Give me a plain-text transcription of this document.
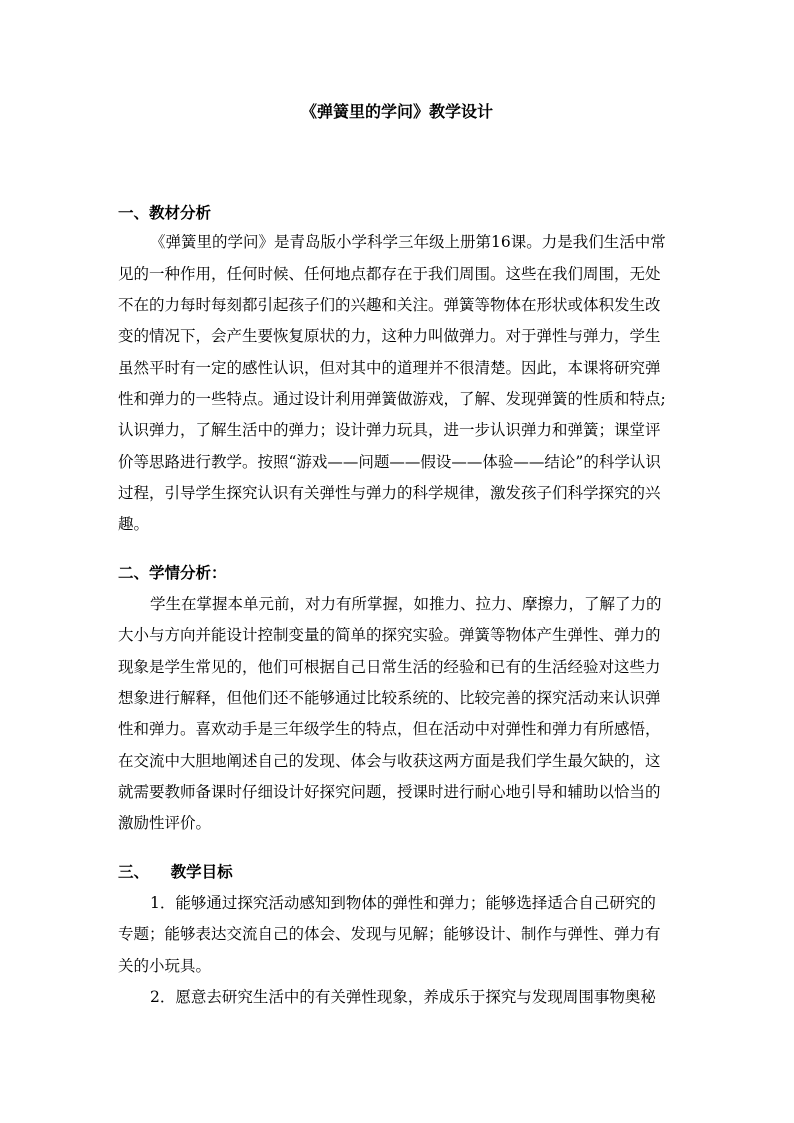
《弹簧里的学问》教学设计
一、教材分析
《弹簧里的学问》是青岛版小学科学三年级上册第16课。力是我们生活中常
见的一种作用，任何时候、任何地点都存在于我们周围。这些在我们周围，无处
不在的力每时每刻都引起孩子们的兴趣和关注。弹簧等物体在形状或体积发生改
变的情况下，会产生要恢复原状的力，这种力叫做弹力。对于弹性与弹力，学生
虽然平时有一定的感性认识，但对其中的道理并不很清楚。因此，本课将研究弹
性和弹力的一些特点。通过设计利用弹簧做游戏，了解、发现弹簧的性质和特点;
认识弹力，了解生活中的弹力；设计弹力玩具，进一步认识弹力和弹簧；课堂评
价等思路进行教学。按照“游戏——问题——假设——体验——结论”的科学认识
过程，引导学生探究认识有关弹性与弹力的科学规律，激发孩子们科学探究的兴
趣。
二、学情分析：
学生在掌握本单元前，对力有所掌握，如推力、拉力、摩擦力，了解了力的
大小与方向并能设计控制变量的简单的探究实验。弹簧等物体产生弹性、弹力的
现象是学生常见的，他们可根据自己日常生活的经验和已有的生活经验对这些力
想象进行解释，但他们还不能够通过比较系统的、比较完善的探究活动来认识弹
性和弹力。喜欢动手是三年级学生的特点，但在活动中对弹性和弹力有所感悟，
在交流中大胆地阐述自己的发现、体会与收获这两方面是我们学生最欠缺的，这
就需要教师备课时仔细设计好探究问题，授课时进行耐心地引导和辅助以恰当的
激励性评价。
三、    教学目标
1．能够通过探究活动感知到物体的弹性和弹力；能够选择适合自己研究的
专题；能够表达交流自己的体会、发现与见解；能够设计、制作与弹性、弹力有
关的小玩具。
2．愿意去研究生活中的有关弹性现象，养成乐于探究与发现周围事物奥秘
